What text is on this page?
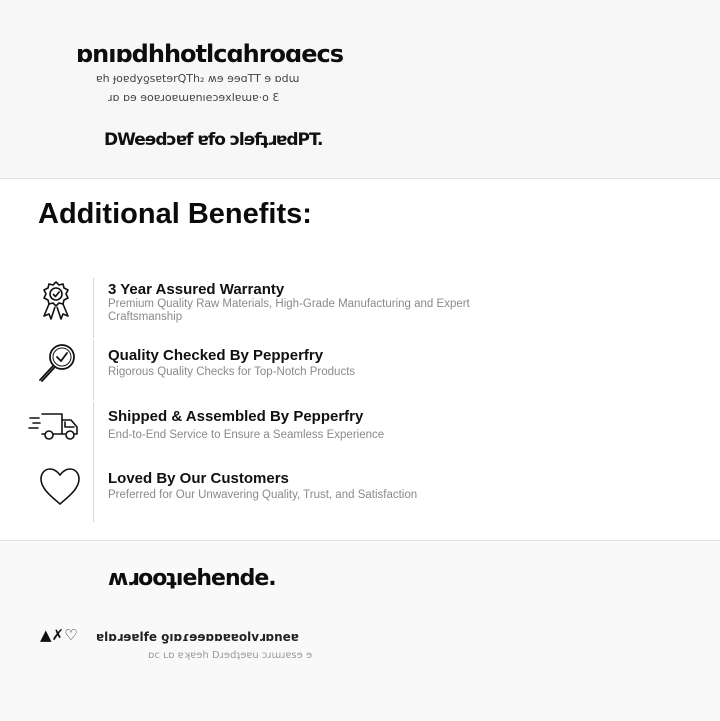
ɒnıɒdhhotlcɑhroɑecs
ɐh ɟoɐdyƍsɐtɘrQTh₂ ʍɘ ɘɘɑTT ɘ ɒdɯ
ɹɒ ɒɘ ɘoɐɹoɐɯɐnıeɔɘxlɐɯɐ·o Ɛ
DWeɘdɔɐf ɐfo ɔlɘfʇɹɐdPT.
Additional Benefits:
3 Year Assured Warranty
Premium Quality Raw Materials, High-Grade Manufacturing and Expert Craftsmanship
Quality Checked By Pepperfry
Rigorous Quality Checks for Top-Notch Products
Shipped & Assembled By Pepperfry
End-to-End Service to Ensure a Seamless Experience
Loved By Our Customers
Preferred for Our Unwavering Quality, Trust, and Satisfaction
ʍɹooʇıehende.
▲✗♡ ɐlɒɹɘɐlfe ƍıɒɾɘɘɒɒɐɐolvɹɒneɐ
ɒc ʟɒ ɐʞɐɘh Dɹɘdʇɘɐu ɔɹɯɹɐsɘ ɘ
